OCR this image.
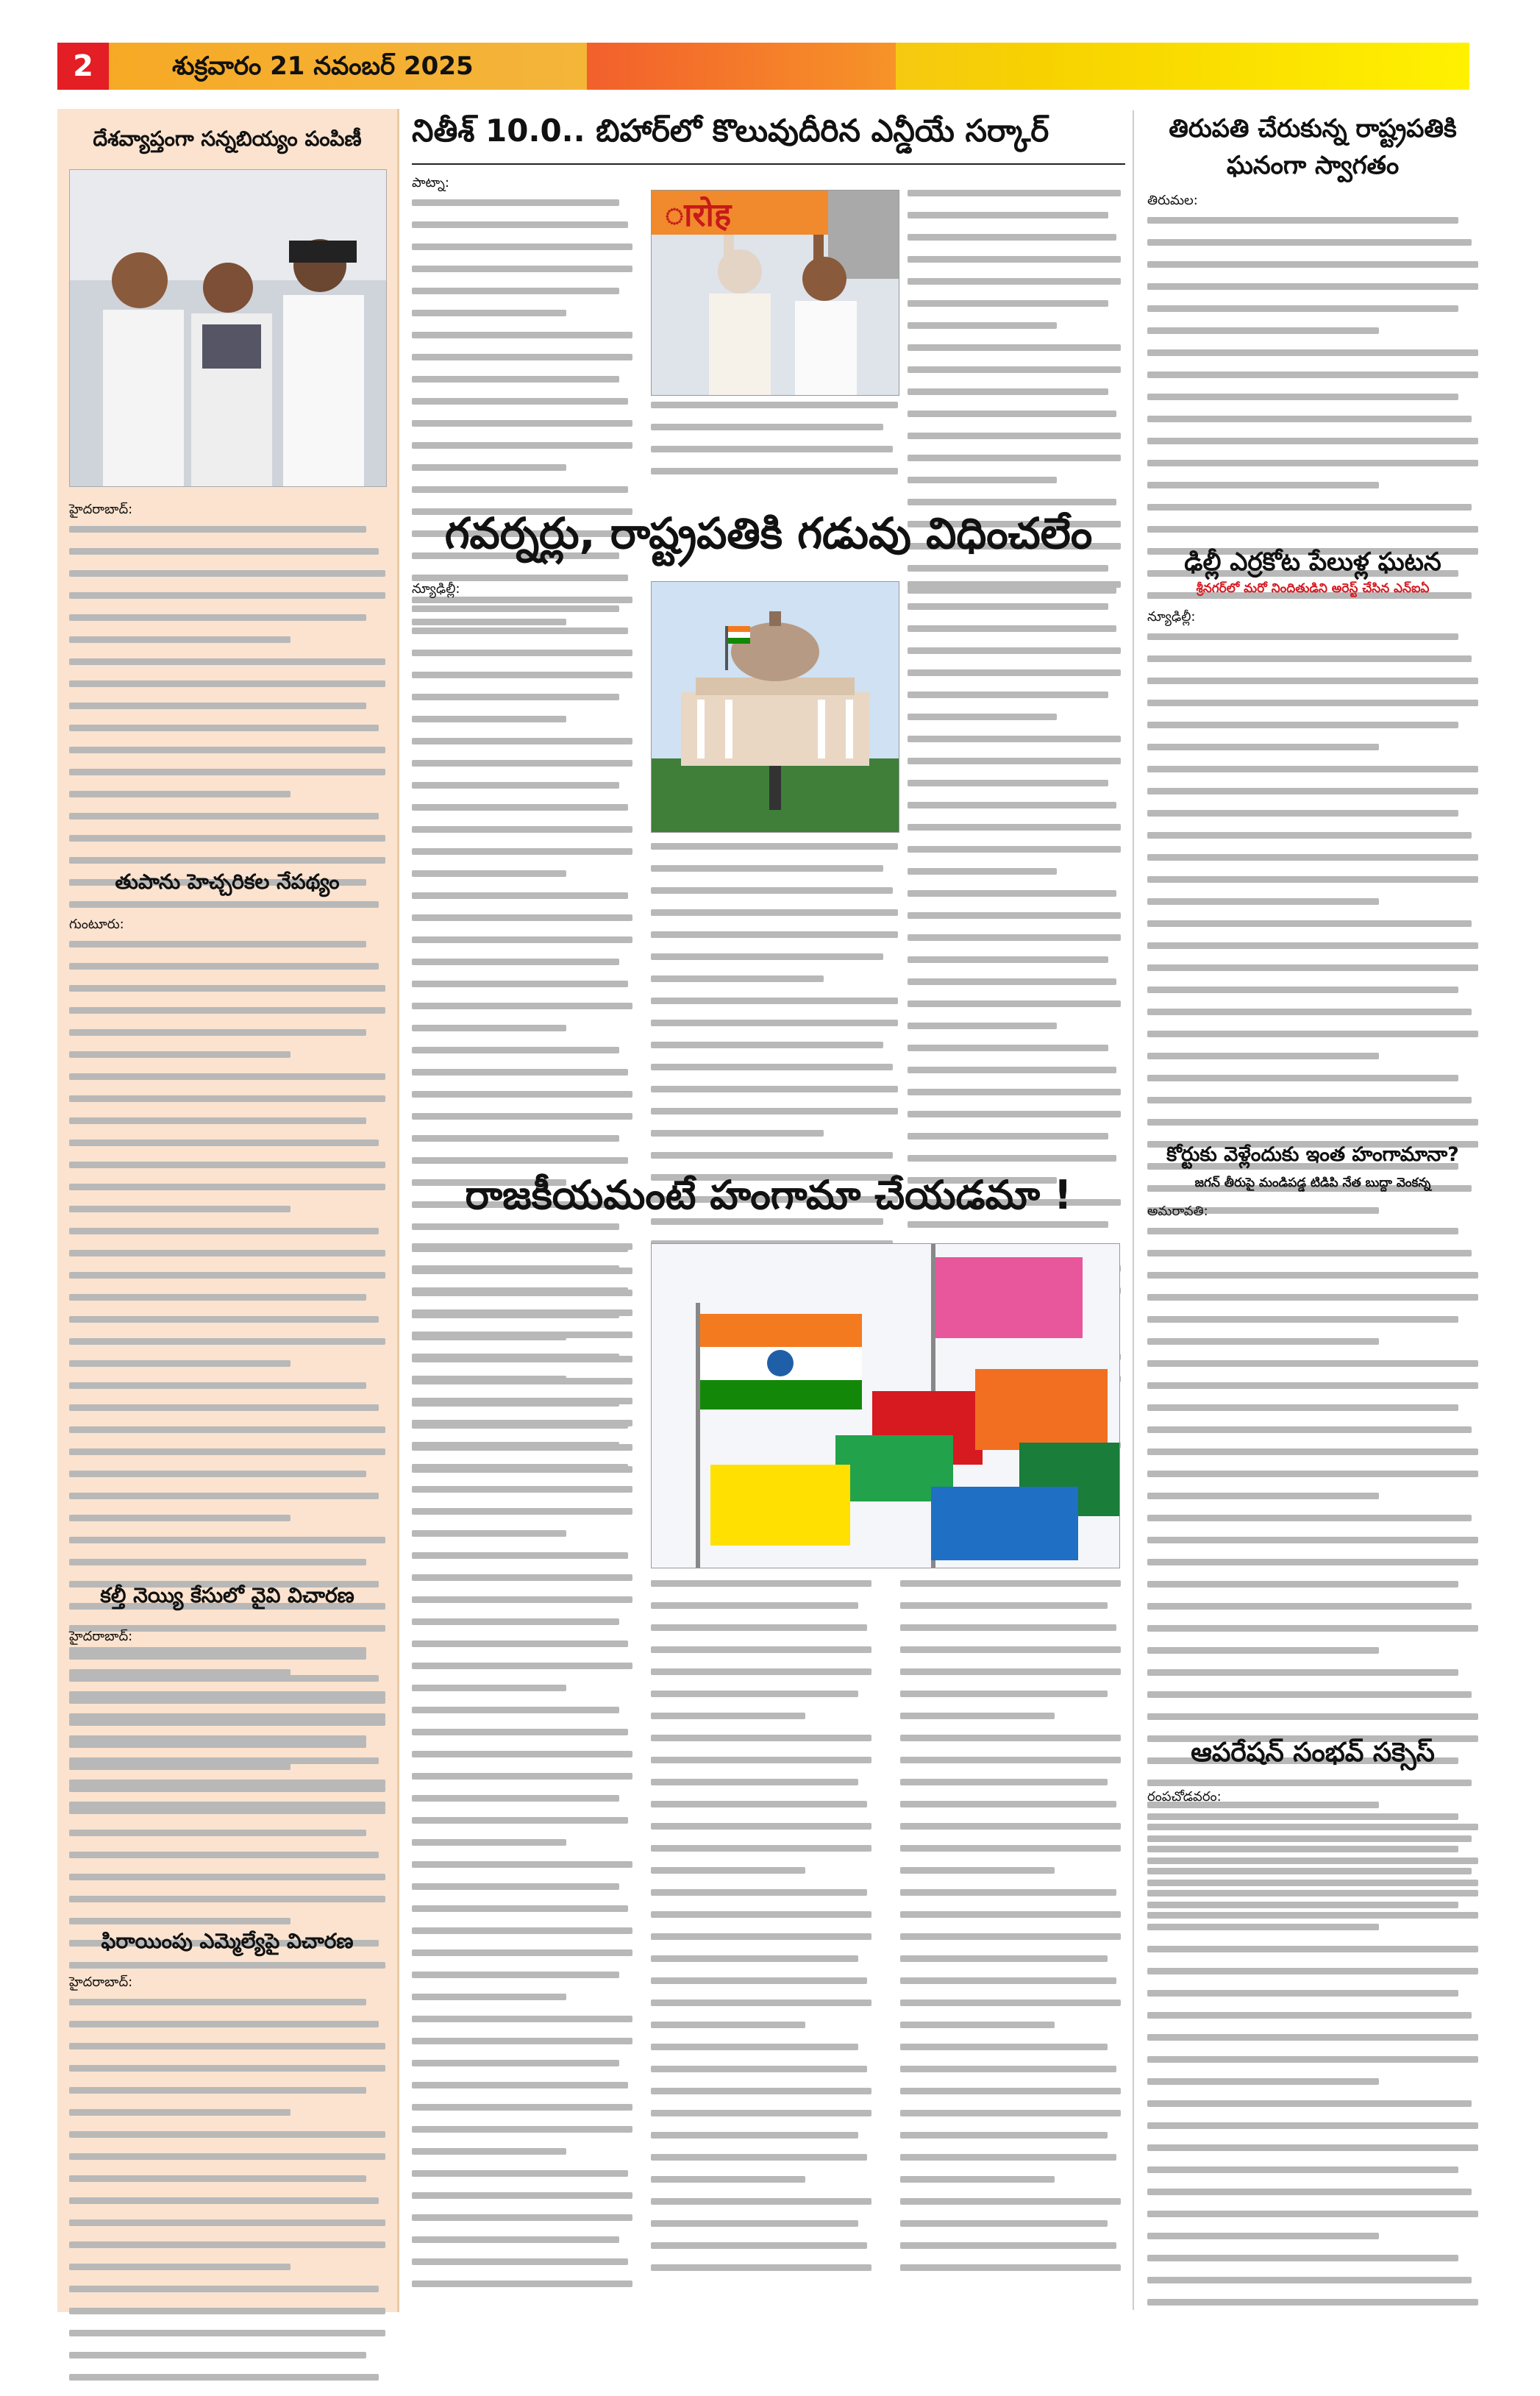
2	శుక్రవారం 21 నవంబర్ 2025
దేశవ్యాప్తంగా సన్నబియ్యం పంపిణీ
హైదరాబాద్:
తుపాను హెచ్చరికల నేపథ్యం
గుంటూరు:
కల్తీ నెయ్యి కేసులో వైవి విచారణ
హైదరాబాద్:
ఫిరాయింపు ఎమ్మెల్యేపై విచారణ
హైదరాబాద్:
నితీశ్ 10.0.. బిహార్‌లో కొలువుదీరిన ఎన్డీయే సర్కార్
పాట్నా:
ारोह
గవర్నర్లు, రాష్ట్రపతికి గడువు విధించలేం
న్యూఢిల్లీ:
రాజకీయమంటే హంగామా చేయడమా !
తిరుపతి చేరుకున్న రాష్ట్రపతికి ఘనంగా స్వాగతం
తిరుమల:
ఢిల్లీ ఎర్రకోట పేలుళ్ల ఘటన
శ్రీనగర్‌లో మరో నిందితుడిని అరెస్ట్ చేసిన ఎన్ఐఏ
న్యూఢిల్లీ:
కోర్టుకు వెళ్లేందుకు ఇంత హంగామానా?
జగన్ తీరుపై మండిపడ్డ టిడిపి నేత బుద్దా వెంకన్న
అమరావతి:
ఆపరేషన్ సంభవ్ సక్సెస్
రంపచోడవరం:
